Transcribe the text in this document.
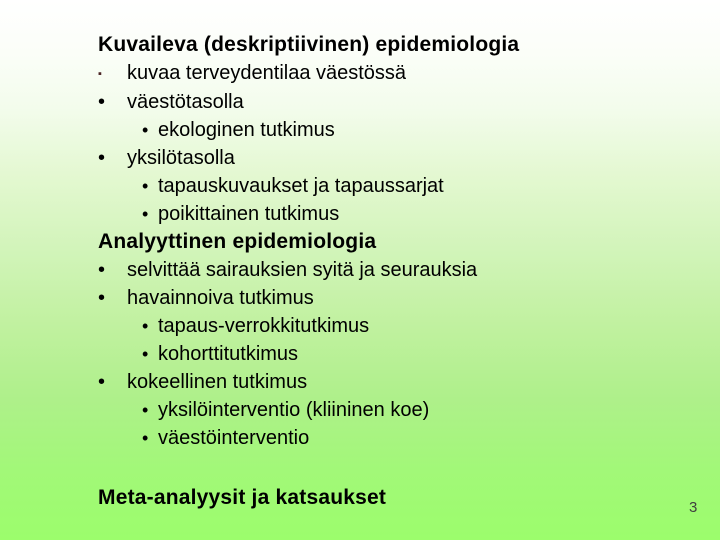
Kuvaileva (deskriptiivinen) epidemiologia
▪ kuvaa terveydentilaa väestössä
• väestötasolla
• ekologinen tutkimus
• yksilötasolla
• tapauskuvaukset ja tapaussarjat
• poikittainen tutkimus
Analyyttinen epidemiologia
• selvittää sairauksien syitä ja seurauksia
• havainnoiva tutkimus
• tapaus-verrokkitutkimus
• kohorttitutkimus
• kokeellinen tutkimus
• yksilöinterventio (kliininen koe)
• väestöinterventio
Meta-analyysit ja katsaukset	3
